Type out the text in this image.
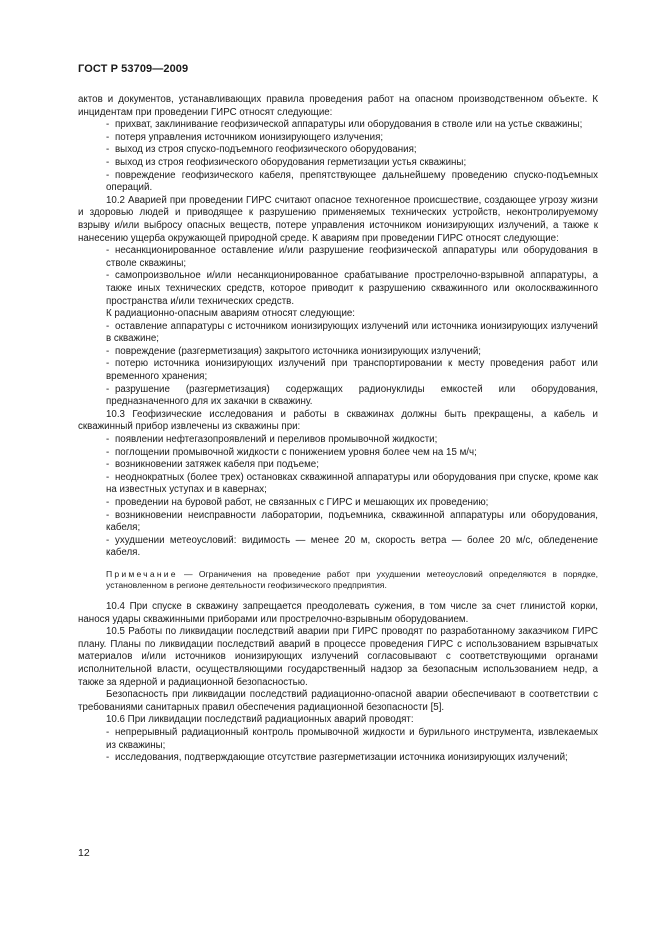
ГОСТ Р 53709—2009
актов и документов, устанавливающих правила проведения работ на опасном производственном объекте. К инцидентам при проведении ГИРС относят следующие:
- прихват, заклинивание геофизической аппаратуры или оборудования в стволе или на устье скважины;
- потеря управления источником ионизирующего излучения;
- выход из строя спуско-подъемного геофизического оборудования;
- выход из строя геофизического оборудования герметизации устья скважины;
- повреждение геофизического кабеля, препятствующее дальнейшему проведению спуско-подъемных операций.
10.2 Аварией при проведении ГИРС считают опасное техногенное происшествие, создающее угрозу жизни и здоровью людей и приводящее к разрушению применяемых технических устройств, неконтролируемому взрыву и/или выбросу опасных веществ, потере управления источником ионизирующих излучений, а также к нанесению ущерба окружающей природной среде. К авариям при проведении ГИРС относят следующие:
- несанкционированное оставление и/или разрушение геофизической аппаратуры или оборудования в стволе скважины;
- самопроизвольное и/или несанкционированное срабатывание прострелочно-взрывной аппаратуры, а также иных технических средств, которое приводит к разрушению скважинного или околоскважинного пространства и/или технических средств.
К радиационно-опасным авариям относят следующие:
- оставление аппаратуры с источником ионизирующих излучений или источника ионизирующих излучений в скважине;
- повреждение (разгерметизация) закрытого источника ионизирующих излучений;
- потерю источника ионизирующих излучений при транспортировании к месту проведения работ или временного хранения;
- разрушение (разгерметизация) содержащих радионуклиды емкостей или оборудования, предназначенного для их закачки в скважину.
10.3 Геофизические исследования и работы в скважинах должны быть прекращены, а кабель и скважинный прибор извлечены из скважины при:
- появлении нефтегазопроявлений и переливов промывочной жидкости;
- поглощении промывочной жидкости с понижением уровня более чем на 15 м/ч;
- возникновении затяжек кабеля при подъеме;
- неоднократных (более трех) остановках скважинной аппаратуры или оборудования при спуске, кроме как на известных уступах и в кавернах;
- проведении на буровой работ, не связанных с ГИРС и мешающих их проведению;
- возникновении неисправности лаборатории, подъемника, скважинной аппаратуры или оборудования, кабеля;
- ухудшении метеоусловий: видимость — менее 20 м, скорость ветра — более 20 м/с, обледенение кабеля.
Примечание — Ограничения на проведение работ при ухудшении метеоусловий определяются в порядке, установленном в регионе деятельности геофизического предприятия.
10.4 При спуске в скважину запрещается преодолевать сужения, в том числе за счет глинистой корки, нанося удары скважинными приборами или прострелочно-взрывным оборудованием.
10.5 Работы по ликвидации последствий аварии при ГИРС проводят по разработанному заказчиком ГИРС плану. Планы по ликвидации последствий аварий в процессе проведения ГИРС с использованием взрывчатых материалов и/или источников ионизирующих излучений согласовывают с соответствующими органами исполнительной власти, осуществляющими государственный надзор за безопасным использованием недр, а также за ядерной и радиационной безопасностью.
Безопасность при ликвидации последствий радиационно-опасной аварии обеспечивают в соответствии с требованиями санитарных правил обеспечения радиационной безопасности [5].
10.6 При ликвидации последствий радиационных аварий проводят:
- непрерывный радиационный контроль промывочной жидкости и бурильного инструмента, извлекаемых из скважины;
- исследования, подтверждающие отсутствие разгерметизации источника ионизирующих излучений;
12
